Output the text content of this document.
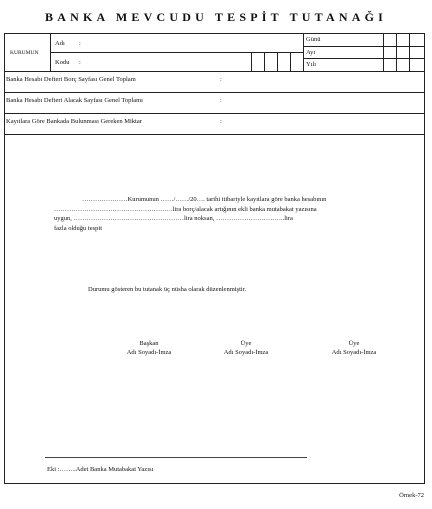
BANKA MEVCUDU TESPİT TUTANAĞI
KURUMUN
Adı :
Kodu :
Günü
Ayı
Yılı
Banka Hesabı Defteri Borç Sayfası Genel Toplam	:
Banka Hesabı Defteri Alacak Sayfası Genel Toplamı	:
Kayıtlara Göre Bankada Bulunması Gereken Miktar	:
…………………Kurumunun ……/……/20…. tarihi itibariyle kayıtlara göre banka hesabının
……………………………………………….lira borç/alacak artığının ekli banka mutabakat yazısına
uygun, ……………………………………………lira noksan, …………………………..lira
fazla olduğu tespit
Durumu gösteren bu tutanak üç nüsha olarak düzenlenmiştir.
Başkan
Adı Soyadı-İmza
Üye
Adı Soyadı-İmza
Üye
Adı Soyadı-İmza
Eki :……..Adet Banka Mutabakat Yazısı
Örnek-72
